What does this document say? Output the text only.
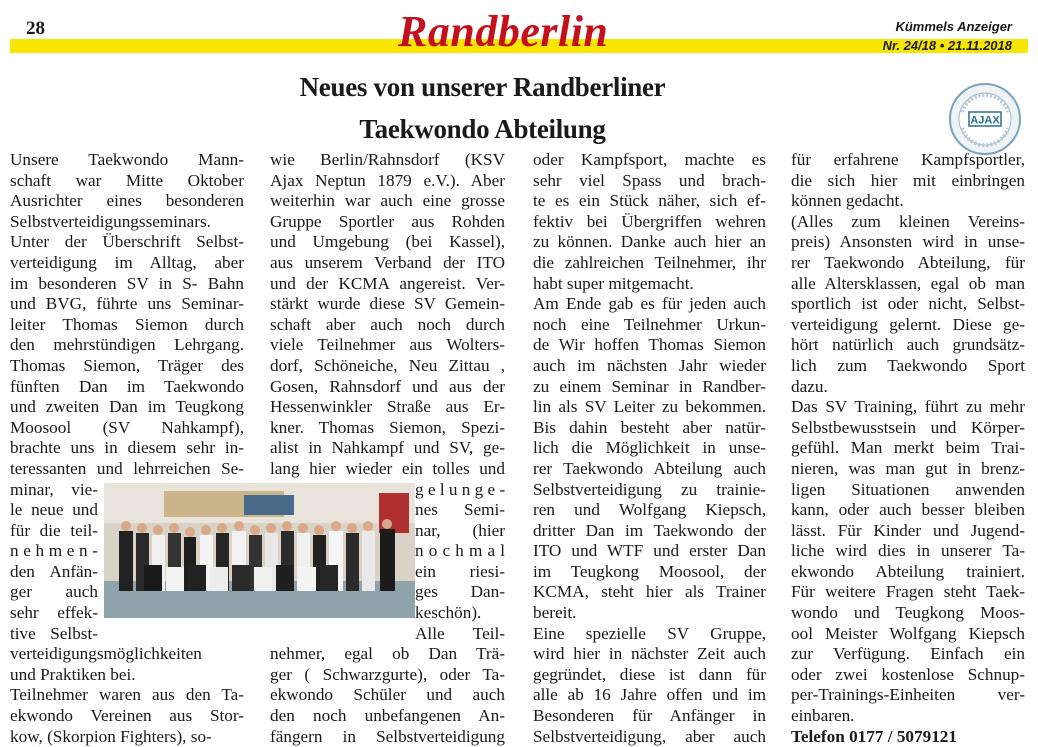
28	Randberlin	Kümmels Anzeiger
Nr. 24/18 • 21.11.2018
Neues von unserer Randberliner
Taekwondo Abteilung	AJAX
Unsere Taekwondo Mann-
schaft war Mitte Oktober
Ausrichter eines besonderen
Selbstverteidigungsseminars.
Unter der Überschrift Selbst-
verteidigung im Alltag, aber
im besonderen SV in S- Bahn
und BVG, führte uns Seminar-
leiter Thomas Siemon durch
den mehrstündigen Lehrgang.
Thomas Siemon, Träger des
fünften Dan im Taekwondo
und zweiten Dan im Teugkong
Moosool (SV Nahkampf),
brachte uns in diesem sehr in-
teressanten und lehrreichen Se-
minar, vie-
le neue und
für die teil-
n e h m e n -
den Anfän-
ger auch
sehr effek-
tive Selbst-
verteidigungsmöglichkeiten
und Praktiken bei.
Teilnehmer waren aus den Ta-
ekwondo Vereinen aus Stor-
kow, (Skorpion Fighters), so-
wie Berlin/Rahnsdorf (KSV
Ajax Neptun 1879 e.V.). Aber
weiterhin war auch eine grosse
Gruppe Sportler aus Rohden
und Umgebung (bei Kassel),
aus unserem Verband der ITO
und der KCMA angereist. Ver-
stärkt wurde diese SV Gemein-
schaft aber auch noch durch
viele Teilnehmer aus Wolters-
dorf, Schöneiche, Neu Zittau ,
Gosen, Rahnsdorf und aus der
Hessenwinkler Straße aus Er-
kner. Thomas Siemon, Spezi-
alist in Nahkampf und SV, ge-
lang hier wieder ein tolles und
g e l u n g e -
nes Semi-
nar, (hier
n o c h m a l
ein riesi-
ges Dan-
keschön).
Alle Teil-
nehmer, egal ob Dan Trä-
ger ( Schwarzgurte), oder Ta-
ekwondo Schüler und auch
den noch unbefangenen An-
fängern in Selbstverteidigung
oder Kampfsport, machte es
sehr viel Spass und brach-
te es ein Stück näher, sich ef-
fektiv bei Übergriffen wehren
zu können. Danke auch hier an
die zahlreichen Teilnehmer, ihr
habt super mitgemacht.
Am Ende gab es für jeden auch
noch eine Teilnehmer Urkun-
de Wir hoffen Thomas Siemon
auch im nächsten Jahr wieder
zu einem Seminar in Randber-
lin als SV Leiter zu bekommen.
Bis dahin besteht aber natür-
lich die Möglichkeit in unse-
rer Taekwondo Abteilung auch
Selbstverteidigung zu trainie-
ren und Wolfgang Kiepsch,
dritter Dan im Taekwondo der
ITO und WTF und erster Dan
im Teugkong Moosool, der
KCMA, steht hier als Trainer
bereit.
Eine spezielle SV Gruppe,
wird hier in nächster Zeit auch
gegründet, diese ist dann für
alle ab 16 Jahre offen und im
Besonderen für Anfänger in
Selbstverteidigung, aber auch
für erfahrene Kampfsportler,
die sich hier mit einbringen
können gedacht.
(Alles zum kleinen Vereins-
preis) Ansonsten wird in unse-
rer Taekwondo Abteilung, für
alle Altersklassen, egal ob man
sportlich ist oder nicht, Selbst-
verteidigung gelernt. Diese ge-
hört natürlich auch grundsätz-
lich zum Taekwondo Sport
dazu.
Das SV Training, führt zu mehr
Selbstbewusstsein und Körper-
gefühl. Man merkt beim Trai-
nieren, was man gut in brenz-
ligen Situationen anwenden
kann, oder auch besser bleiben
lässt. Für Kinder und Jugend-
liche wird dies in unserer Ta-
ekwondo Abteilung trainiert.
Für weitere Fragen steht Taek-
wondo und Teugkong Moos-
ool Meister Wolfgang Kiepsch
zur Verfügung. Einfach ein
oder zwei kostenlose Schnup-
per-Trainings-Einheiten ver-
einbaren.
Telefon 0177 / 5079121
